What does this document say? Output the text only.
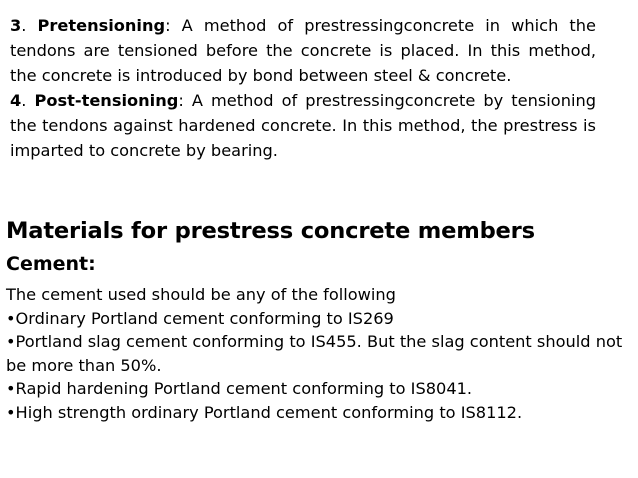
3. Pretensioning: A method of prestressingconcrete in which the tendons are tensioned before the concrete is placed. In this method, the concrete is introduced by bond between steel & concrete.

4. Post-tensioning: A method of prestressingconcrete by tensioning the tendons against hardened concrete. In this method, the prestress is imparted to concrete by bearing.

Materials for prestress concrete members
Cement:
The cement used should be any of the following
•Ordinary Portland cement conforming to IS269
•Portland slag cement conforming to IS455. But the slag content should not be more than 50%.
•Rapid hardening Portland cement conforming to IS8041.
•High strength ordinary Portland cement conforming to IS8112.
